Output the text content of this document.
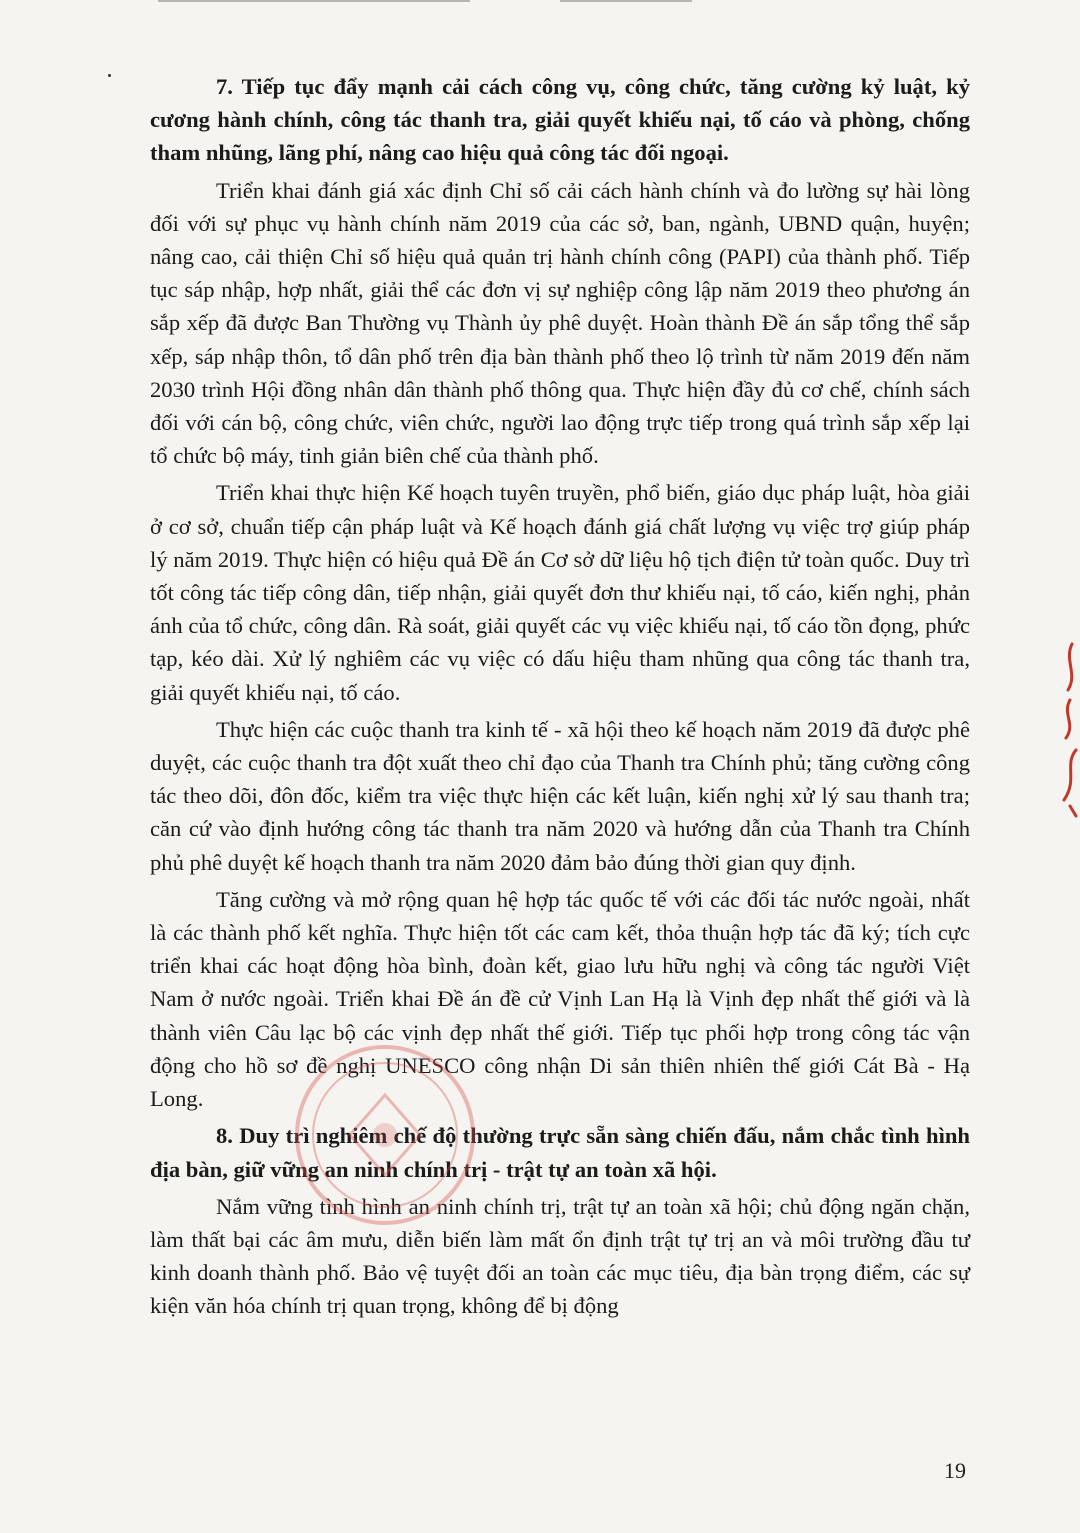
7. Tiếp tục đẩy mạnh cải cách công vụ, công chức, tăng cường kỷ luật, kỷ cương hành chính, công tác thanh tra, giải quyết khiếu nại, tố cáo và phòng, chống tham nhũng, lãng phí, nâng cao hiệu quả công tác đối ngoại.

Triển khai đánh giá xác định Chỉ số cải cách hành chính và đo lường sự hài lòng đối với sự phục vụ hành chính năm 2019 của các sở, ban, ngành, UBND quận, huyện; nâng cao, cải thiện Chỉ số hiệu quả quản trị hành chính công (PAPI) của thành phố. Tiếp tục sáp nhập, hợp nhất, giải thể các đơn vị sự nghiệp công lập năm 2019 theo phương án sắp xếp đã được Ban Thường vụ Thành ủy phê duyệt. Hoàn thành Đề án sắp tổng thể sắp xếp, sáp nhập thôn, tổ dân phố trên địa bàn thành phố theo lộ trình từ năm 2019 đến năm 2030 trình Hội đồng nhân dân thành phố thông qua. Thực hiện đầy đủ cơ chế, chính sách đối với cán bộ, công chức, viên chức, người lao động trực tiếp trong quá trình sắp xếp lại tổ chức bộ máy, tinh giản biên chế của thành phố.

Triển khai thực hiện Kế hoạch tuyên truyền, phổ biến, giáo dục pháp luật, hòa giải ở cơ sở, chuẩn tiếp cận pháp luật và Kế hoạch đánh giá chất lượng vụ việc trợ giúp pháp lý năm 2019. Thực hiện có hiệu quả Đề án Cơ sở dữ liệu hộ tịch điện tử toàn quốc. Duy trì tốt công tác tiếp công dân, tiếp nhận, giải quyết đơn thư khiếu nại, tố cáo, kiến nghị, phản ánh của tổ chức, công dân. Rà soát, giải quyết các vụ việc khiếu nại, tố cáo tồn đọng, phức tạp, kéo dài. Xử lý nghiêm các vụ việc có dấu hiệu tham nhũng qua công tác thanh tra, giải quyết khiếu nại, tố cáo.

Thực hiện các cuộc thanh tra kinh tế - xã hội theo kế hoạch năm 2019 đã được phê duyệt, các cuộc thanh tra đột xuất theo chỉ đạo của Thanh tra Chính phủ; tăng cường công tác theo dõi, đôn đốc, kiểm tra việc thực hiện các kết luận, kiến nghị xử lý sau thanh tra; căn cứ vào định hướng công tác thanh tra năm 2020 và hướng dẫn của Thanh tra Chính phủ phê duyệt kế hoạch thanh tra năm 2020 đảm bảo đúng thời gian quy định.

Tăng cường và mở rộng quan hệ hợp tác quốc tế với các đối tác nước ngoài, nhất là các thành phố kết nghĩa. Thực hiện tốt các cam kết, thỏa thuận hợp tác đã ký; tích cực triển khai các hoạt động hòa bình, đoàn kết, giao lưu hữu nghị và công tác người Việt Nam ở nước ngoài. Triển khai Đề án đề cử Vịnh Lan Hạ là Vịnh đẹp nhất thế giới và là thành viên Câu lạc bộ các vịnh đẹp nhất thế giới. Tiếp tục phối hợp trong công tác vận động cho hồ sơ đề nghị UNESCO công nhận Di sản thiên nhiên thế giới Cát Bà - Hạ Long.

8. Duy trì nghiêm chế độ thường trực sẵn sàng chiến đấu, nắm chắc tình hình địa bàn, giữ vững an ninh chính trị - trật tự an toàn xã hội.

Nắm vững tình hình an ninh chính trị, trật tự an toàn xã hội; chủ động ngăn chặn, làm thất bại các âm mưu, diễn biến làm mất ổn định trật tự trị an và môi trường đầu tư kinh doanh thành phố. Bảo vệ tuyệt đối an toàn các mục tiêu, địa bàn trọng điểm, các sự kiện văn hóa chính trị quan trọng, không để bị động

19
